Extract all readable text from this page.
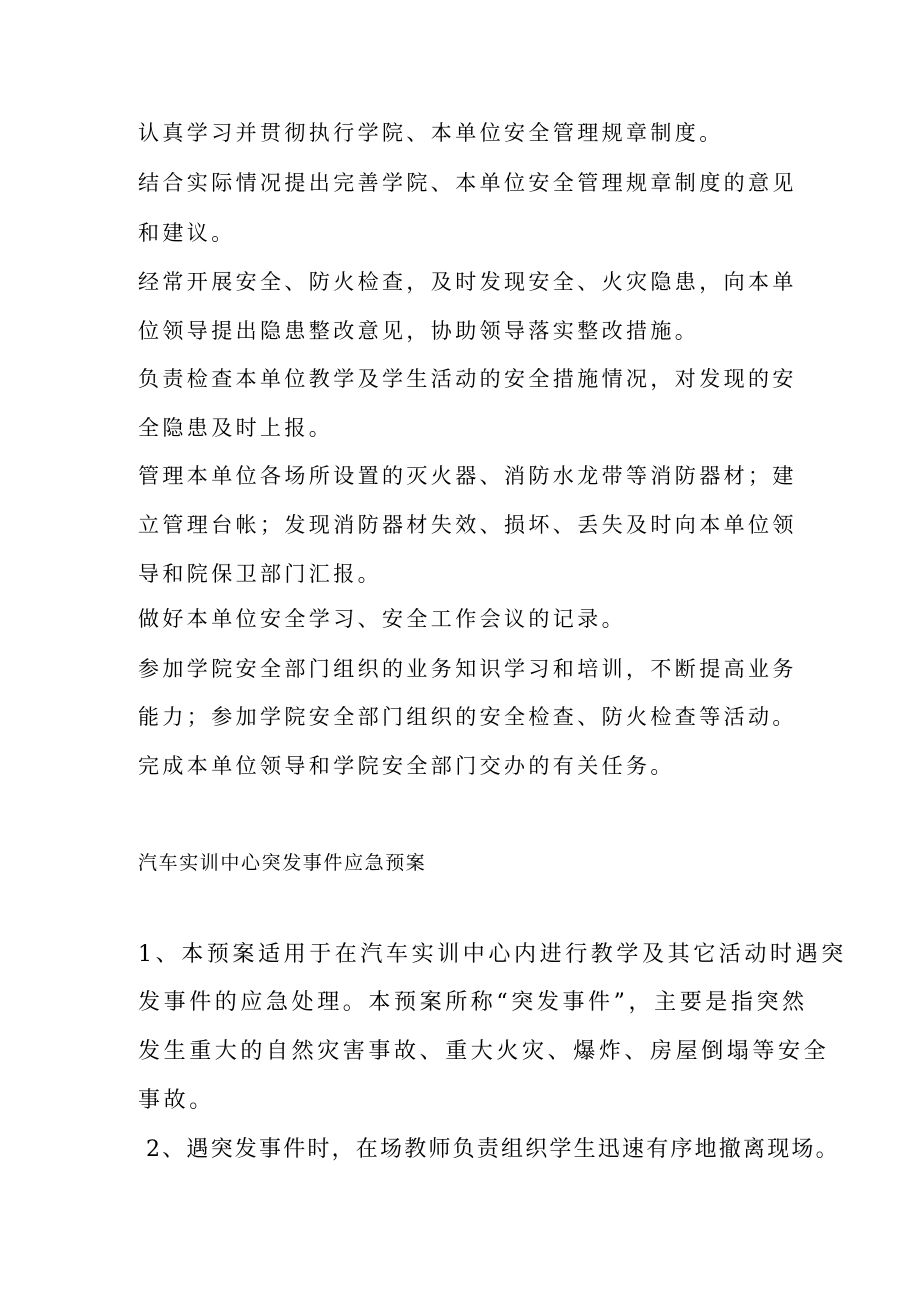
认真学习并贯彻执行学院、本单位安全管理规章制度。
结合实际情况提出完善学院、本单位安全管理规章制度的意见
和建议。
经常开展安全、防火检查，及时发现安全、火灾隐患，向本单
位领导提出隐患整改意见，协助领导落实整改措施。
负责检查本单位教学及学生活动的安全措施情况，对发现的安
全隐患及时上报。
管理本单位各场所设置的灭火器、消防水龙带等消防器材；建
立管理台帐；发现消防器材失效、损坏、丢失及时向本单位领
导和院保卫部门汇报。
做好本单位安全学习、安全工作会议的记录。
参加学院安全部门组织的业务知识学习和培训，不断提高业务
能力；参加学院安全部门组织的安全检查、防火检查等活动。
完成本单位领导和学院安全部门交办的有关任务。
汽车实训中心突发事件应急预案
1、本预案适用于在汽车实训中心内进行教学及其它活动时遇突
发事件的应急处理。本预案所称“突发事件”，主要是指突然
发生重大的自然灾害事故、重大火灾、爆炸、房屋倒塌等安全
事故。
2、遇突发事件时，在场教师负责组织学生迅速有序地撤离现场。
